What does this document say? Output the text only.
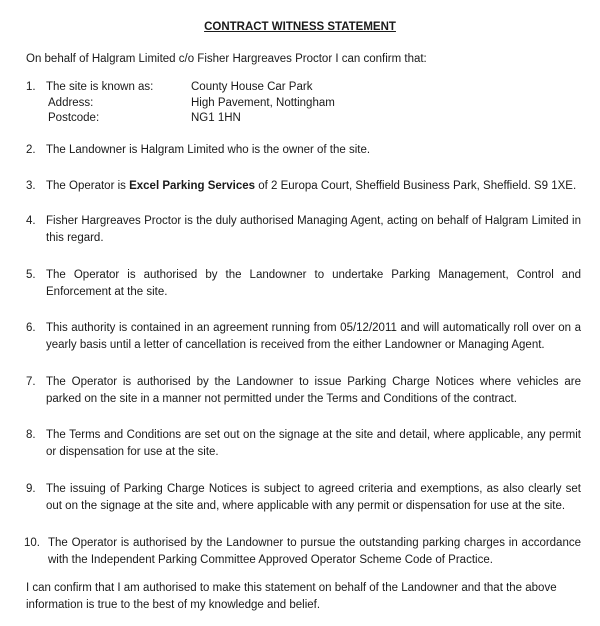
CONTRACT WITNESS STATEMENT
On behalf of Halgram Limited c/o Fisher Hargreaves Proctor I can confirm that:
1. The site is known as:	County House Car Park
Address:	High Pavement, Nottingham
Postcode:	NG1 1HN
2. The Landowner is Halgram Limited who is the owner of the site.
3. The Operator is Excel Parking Services of 2 Europa Court, Sheffield Business Park, Sheffield. S9 1XE.
4. Fisher Hargreaves Proctor is the duly authorised Managing Agent, acting on behalf of Halgram Limited in this regard.
5. The Operator is authorised by the Landowner to undertake Parking Management, Control and Enforcement at the site.
6. This authority is contained in an agreement running from 05/12/2011 and will automatically roll over on a yearly basis until a letter of cancellation is received from the either Landowner or Managing Agent.
7. The Operator is authorised by the Landowner to issue Parking Charge Notices where vehicles are parked on the site in a manner not permitted under the Terms and Conditions of the contract.
8. The Terms and Conditions are set out on the signage at the site and detail, where applicable, any permit or dispensation for use at the site.
9. The issuing of Parking Charge Notices is subject to agreed criteria and exemptions, as also clearly set out on the signage at the site and, where applicable with any permit or dispensation for use at the site.
10. The Operator is authorised by the Landowner to pursue the outstanding parking charges in accordance with the Independent Parking Committee Approved Operator Scheme Code of Practice.
I can confirm that I am authorised to make this statement on behalf of the Landowner and that the above information is true to the best of my knowledge and belief.
